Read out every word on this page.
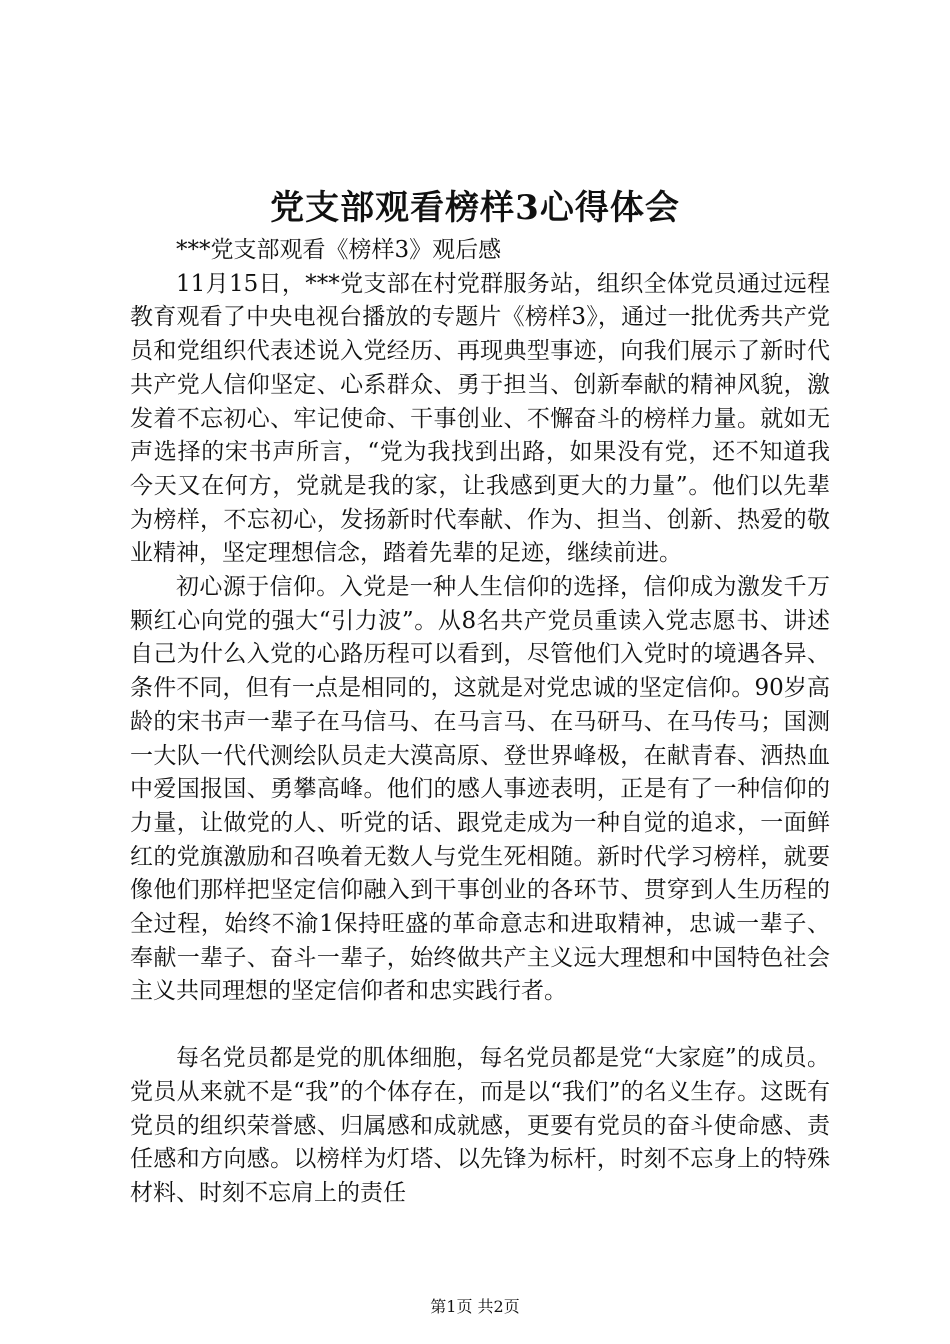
党支部观看榜样3心得体会

***党支部观看《榜样3》观后感

11月15日，***党支部在村党群服务站，组织全体党员通过远程教育观看了中央电视台播放的专题片《榜样3》，通过一批优秀共产党员和党组织代表述说入党经历、再现典型事迹，向我们展示了新时代共产党人信仰坚定、心系群众、勇于担当、创新奉献的精神风貌，激发着不忘初心、牢记使命、干事创业、不懈奋斗的榜样力量。就如无声选择的宋书声所言，“党为我找到出路，如果没有党，还不知道我今天又在何方，党就是我的家，让我感到更大的力量”。他们以先辈为榜样，不忘初心，发扬新时代奉献、作为、担当、创新、热爱的敬业精神，坚定理想信念，踏着先辈的足迹，继续前进。

初心源于信仰。入党是一种人生信仰的选择，信仰成为激发千万颗红心向党的强大“引力波”。从8名共产党员重读入党志愿书、讲述自己为什么入党的心路历程可以看到，尽管他们入党时的境遇各异、条件不同，但有一点是相同的，这就是对党忠诚的坚定信仰。90岁高龄的宋书声一辈子在马信马、在马言马、在马研马、在马传马；国测一大队一代代测绘队员走大漠高原、登世界峰极，在献青春、洒热血中爱国报国、勇攀高峰。他们的感人事迹表明，正是有了一种信仰的力量，让做党的人、听党的话、跟党走成为一种自觉的追求，一面鲜红的党旗激励和召唤着无数人与党生死相随。新时代学习榜样，就要像他们那样把坚定信仰融入到干事创业的各环节、贯穿到人生历程的全过程，始终不渝1保持旺盛的革命意志和进取精神，忠诚一辈子、奉献一辈子、奋斗一辈子，始终做共产主义远大理想和中国特色社会主义共同理想的坚定信仰者和忠实践行者。

每名党员都是党的肌体细胞，每名党员都是党“大家庭”的成员。党员从来就不是“我”的个体存在，而是以“我们”的名义生存。这既有党员的组织荣誉感、归属感和成就感，更要有党员的奋斗使命感、责任感和方向感。以榜样为灯塔、以先锋为标杆，时刻不忘身上的特殊材料、时刻不忘肩上的责任

第1页 共2页
